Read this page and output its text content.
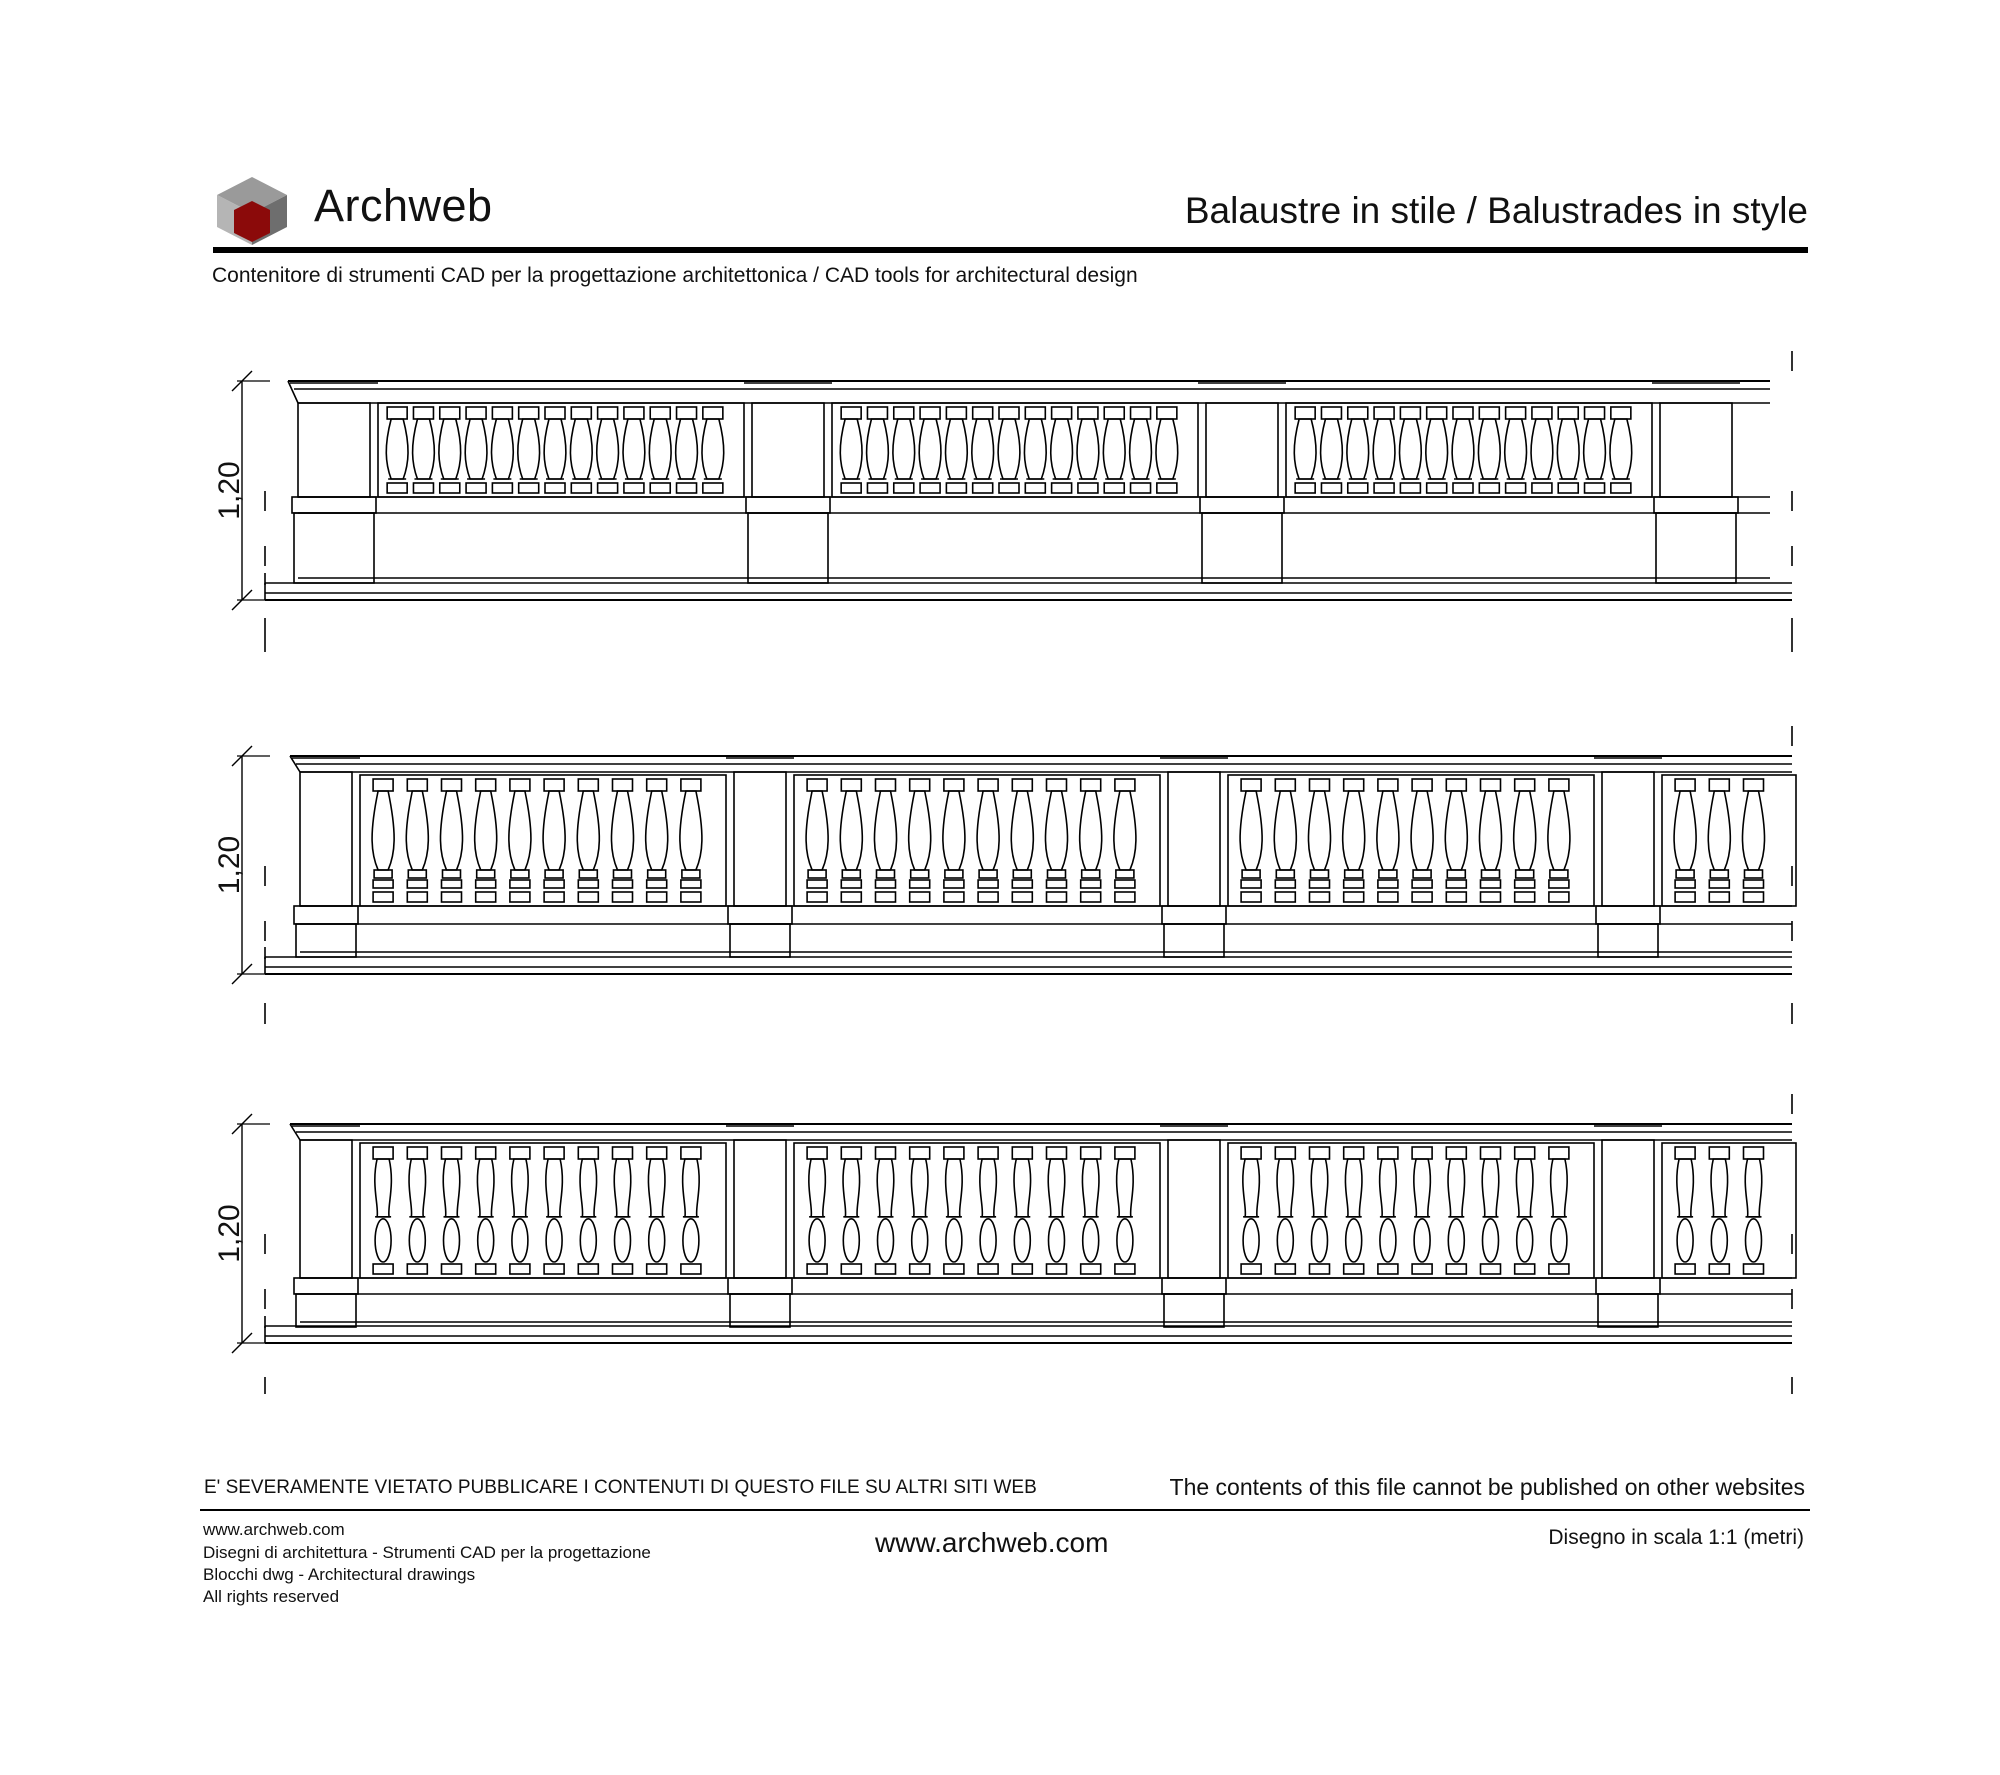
Archweb	Balaustre in stile / Balustrades in style
Contenitore di strumenti CAD per la progettazione architettonica / CAD tools for architectural design
1,20
1,20
1,20
E' SEVERAMENTE VIETATO PUBBLICARE I CONTENUTI DI QUESTO FILE SU ALTRI SITI WEB	The contents of this file cannot be published on other websites
www.archweb.com
Disegni di architettura - Strumenti CAD per la progettazione
Blocchi dwg - Architectural drawings
All rights reserved
www.archweb.com	Disegno in scala 1:1 (metri)
